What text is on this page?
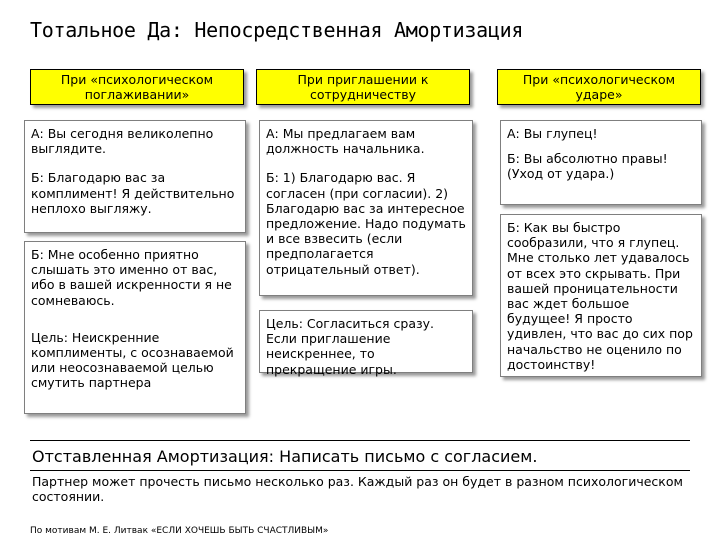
Тотальное Да: Непосредственная Амортизация
При «психологическом поглаживании»

А: Вы сегодня великолепно выглядите.

Б: Благодарю вас за комплимент! Я действительно неплохо выгляжу.

Б: Мне особенно приятно слышать это именно от вас, ибо в вашей искренности я не сомневаюсь.

Цель: Неискренние комплименты, с осознаваемой или неосознаваемой целью смутить партнера

При приглашении к сотрудничеству

А: Мы предлагаем вам должность начальника.

Б: 1) Благодарю вас. Я согласен (при согласии). 2) Благодарю вас за интересное предложение. Надо подумать и все взвесить (если предполагается отрицательный ответ).

Цель: Согласиться сразу. Если приглашение неискреннее, то прекращение игры.

При «психологическом ударе»

А: Вы глупец!

Б: Вы абсолютно правы! (Уход от удара.)

Б: Как вы быстро сообразили, что я глупец. Мне столько лет удавалось от всех это скрывать. При вашей проницательности вас ждет большое будущее! Я просто удивлен, что вас до сих пор начальство не оценило по достоинству!

Отставленная Амортизация: Написать письмо с согласием.
Партнер может прочесть письмо несколько раз. Каждый раз он будет в разном психологическом состоянии.
По мотивам М. Е. Литвак «ЕСЛИ ХОЧЕШЬ БЫТЬ СЧАСТЛИВЫМ»
